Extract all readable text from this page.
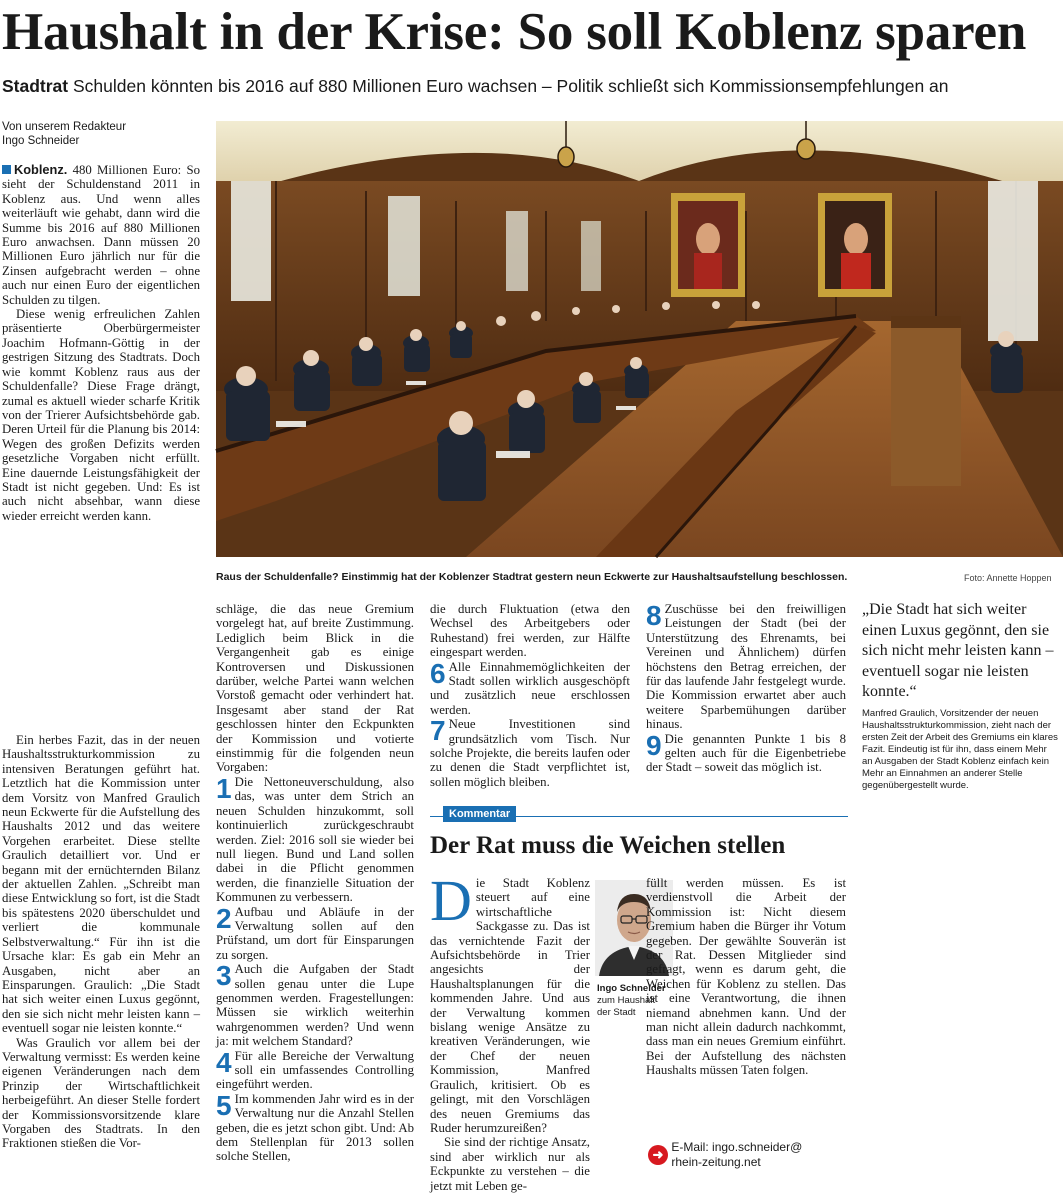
Haushalt in der Krise: So soll Koblenz sparen
Stadtrat Schulden könnten bis 2016 auf 880 Millionen Euro wachsen – Politik schließt sich Kommissionsempfehlungen an
Von unserem Redakteur
Ingo Schneider

Koblenz. 480 Millionen Euro: So sieht der Schuldenstand 2011 in Koblenz aus. Und wenn alles weiterläuft wie gehabt, dann wird die Summe bis 2016 auf 880 Millionen Euro anwachsen. Dann müssen 20 Millionen Euro jährlich nur für die Zinsen aufgebracht werden – ohne auch nur einen Euro der eigentlichen Schulden zu tilgen.

Diese wenig erfreulichen Zahlen präsentierte Oberbürgermeister Joachim Hofmann-Göttig in der gestrigen Sitzung des Stadtrats. Doch wie kommt Koblenz raus aus der Schuldenfalle? Diese Frage drängt, zumal es aktuell wieder scharfe Kritik von der Trierer Aufsichtsbehörde gab. Deren Urteil für die Planung bis 2014: Wegen des großen Defizits werden gesetzliche Vorgaben nicht erfüllt. Eine dauernde Leistungsfähigkeit der Stadt ist nicht gegeben. Und: Es ist auch nicht absehbar, wann diese wieder erreicht werden kann.

Raus der Schuldenfalle? Einstimmig hat der Koblenzer Stadtrat gestern neun Eckwerte zur Haushaltsaufstellung beschlossen.	Foto: Annette Hoppen

Ein herbes Fazit, das in der neuen Haushaltsstrukturkommission zu intensiven Beratungen geführt hat. Letztlich hat die Kommission unter dem Vorsitz von Manfred Graulich neun Eckwerte für die Aufstellung des Haushalts 2012 und das weitere Vorgehen erarbeitet. Diese stellte Graulich detailliert vor. Und er begann mit der ernüchternden Bilanz der aktuellen Zahlen. „Schreibt man diese Entwicklung so fort, ist die Stadt bis spätestens 2020 überschuldet und verliert die kommunale Selbstverwaltung.“ Für ihn ist die Ursache klar: Es gab ein Mehr an Ausgaben, nicht aber an Einsparungen. Graulich: „Die Stadt hat sich weiter einen Luxus gegönnt, den sie sich nicht mehr leisten kann – eventuell sogar nie leisten konnte.“

Was Graulich vor allem bei der Verwaltung vermisst: Es werden keine eigenen Veränderungen nach dem Prinzip der Wirtschaftlichkeit herbeigeführt. An dieser Stelle fordert der Kommissionsvorsitzende klare Vorgaben des Stadtrats. In den Fraktionen stießen die Vor-

schläge, die das neue Gremium vorgelegt hat, auf breite Zustimmung. Lediglich beim Blick in die Vergangenheit gab es einige Kontroversen und Diskussionen darüber, welche Partei wann welchen Vorstoß gemacht oder verhindert hat. Insgesamt aber stand der Rat geschlossen hinter den Eckpunkten der Kommission und votierte einstimmig für die folgenden neun Vorgaben:

1 Die Nettoneuverschuldung, also das, was unter dem Strich an neuen Schulden hinzukommt, soll kontinuierlich zurückgeschraubt werden. Ziel: 2016 soll sie wieder bei null liegen. Bund und Land sollen dabei in die Pflicht genommen werden, die finanzielle Situation der Kommunen zu verbessern.
2 Aufbau und Abläufe in der Verwaltung sollen auf den Prüfstand, um dort für Einsparungen zu sorgen.
3 Auch die Aufgaben der Stadt sollen genau unter die Lupe genommen werden. Fragestellungen: Müssen sie wirklich weiterhin wahrgenommen werden? Und wenn ja: mit welchem Standard?
4 Für alle Bereiche der Verwaltung soll ein umfassendes Controlling eingeführt werden.
5 Im kommenden Jahr wird es in der Verwaltung nur die Anzahl Stellen geben, die es jetzt schon gibt. Und: Ab dem Stellenplan für 2013 sollen solche Stellen,

die durch Fluktuation (etwa den Wechsel des Arbeitgebers oder Ruhestand) frei werden, zur Hälfte eingespart werden.

6 Alle Einnahmemöglichkeiten der Stadt sollen wirklich ausgeschöpft und zusätzlich neue erschlossen werden.
7 Neue Investitionen sind grundsätzlich vom Tisch. Nur solche Projekte, die bereits laufen oder zu denen die Stadt verpflichtet ist, sollen möglich bleiben.
8 Zuschüsse bei den freiwilligen Leistungen der Stadt (bei der Unterstützung des Ehrenamts, bei Vereinen und Ähnlichem) dürfen höchstens den Betrag erreichen, der für das laufende Jahr festgelegt wurde. Die Kommission erwartet aber auch weitere Sparbemühungen darüber hinaus.
9 Die genannten Punkte 1 bis 8 gelten auch für die Eigenbetriebe der Stadt – soweit das möglich ist.
„Die Stadt hat sich weiter einen Luxus gegönnt, den sie sich nicht mehr leisten kann – eventuell sogar nie leisten konnte.“
Manfred Graulich, Vorsitzender der neuen Haushaltsstrukturkommission, zieht nach der ersten Zeit der Arbeit des Gremiums ein klares Fazit. Eindeutig ist für ihn, dass einem Mehr an Ausgaben der Stadt Koblenz einfach kein Mehr an Einnahmen an anderer Stelle gegenübergestellt wurde.
Kommentar
Der Rat muss die Weichen stellen

Die Stadt Koblenz steuert auf eine wirtschaftliche Sackgasse zu. Das ist das vernichtende Fazit der Aufsichtsbehörde in Trier angesichts der Haushaltsplanungen für die kommenden Jahre. Und aus der Verwaltung kommen bislang wenige Ansätze zu kreativen Veränderungen, wie der Chef der neuen Kommission, Manfred Graulich, kritisiert. Ob es gelingt, mit den Vorschlägen des neuen Gremiums das Ruder herumzureißen?

Sie sind der richtige Ansatz, sind aber wirklich nur als Eckpunkte zu verstehen – die jetzt mit Leben ge-

Ingo Schneider
zum Haushalt
der Stadt

füllt werden müssen. Es ist verdienstvoll die Arbeit der Kommission ist: Nicht diesem Gremium haben die Bürger ihr Votum gegeben. Der gewählte Souverän ist der Rat. Dessen Mitglieder sind gefragt, wenn es darum geht, die Weichen für Koblenz zu stellen. Das ist eine Verantwortung, die ihnen niemand abnehmen kann. Und der man nicht allein dadurch nachkommt, dass man ein neues Gremium einführt. Bei der Aufstellung des nächsten Haushalts müssen Taten folgen.

➜ E-Mail: ingo.schneider@
rhein-zeitung.net
